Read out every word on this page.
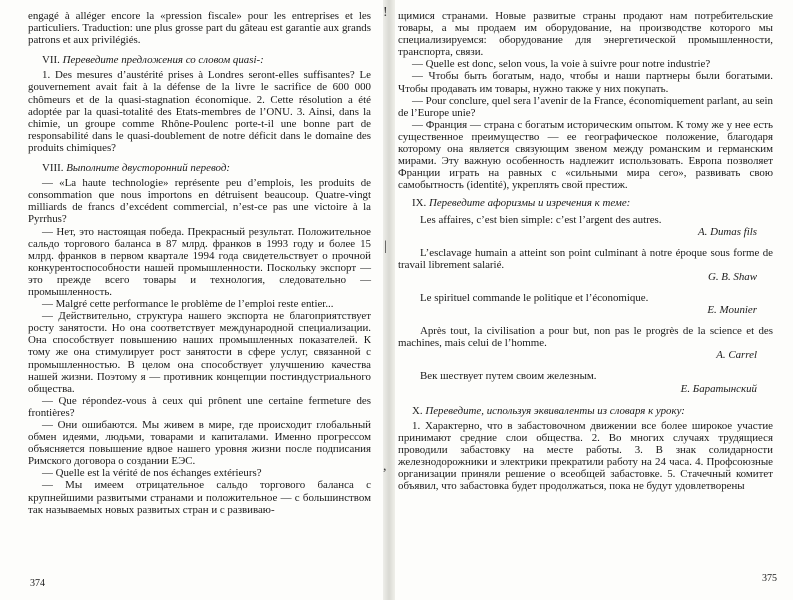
engagé à alléger encore la «pression fiscale» pour les entreprises et les particuliers. Traduction: une plus grosse part du gâteau est garantie aux grands patrons et aux privilégiés.

VII. Переведите предложения со словом quasi-:

1. Des mesures d’austérité prises à Londres seront-elles suffisantes? Le gouvernement avait fait à la défense de la livre le sacrifice de 600 000 chômeurs et de la quasi-stagnation économique. 2. Cette résolution a été adoptée par la quasi-totalité des Etats-membres de l’ONU. 3. Ainsi, dans la chimie, un groupe comme Rhône-Poulenc porte-t-il une bonne part de responsabilité dans le quasi-doublement de notre déficit dans le domaine des produits chimiques?

VIII. Выполните двусторонний перевод:

— «La haute technologie» représente peu d’emplois, les produits de consommation que nous importons en détruisent beaucoup. Quatre-vingt milliards de francs d’excédent commercial, n’est-ce pas une victoire à la Pyrrhus?

— Нет, это настоящая победа. Прекрасный результат. Положительное сальдо торгового баланса в 87 млрд. франков в 1993 году и более 15 млрд. франков в первом квартале 1994 года свидетельствует о прочной конкурентоспособности нашей промышленности. Поскольку экспорт — это прежде всего товары и технология, следовательно — промышленность.

— Malgré cette performance le problème de l’emploi reste entier...

— Действительно, структура нашего экспорта не благоприятствует росту занятости. Но она соответствует международной специализации. Она способствует повышению наших промышленных показателей. К тому же она стимулирует рост занятости в сфере услуг, связанной с промышленностью. В целом она способствует улучшению качества нашей жизни. Поэтому я — противник концепции постиндустриального общества.

— Que répondez-vous à ceux qui prônent une certaine fermeture des frontières?

— Они ошибаются. Мы живем в мире, где происходит глобальный обмен идеями, людьми, товарами и капиталами. Именно прогрессом объясняется повышение вдвое нашего уровня жизни после подписания Римского договора о создании ЕЭС.

— Quelle est la vérité de nos échanges extérieurs?

— Мы имеем отрицательное сальдо торгового баланса с крупнейшими развитыми странами и положительное — с большинством так называемых новых развитых стран и с развиваю-

374
!
|
,

щимися странами. Новые развитые страны продают нам потребительские товары, а мы продаем им оборудование, на производстве которого мы специализируемся: оборудование для энергетической промышленности, транспорта, связи.

— Quelle est donc, selon vous, la voie à suivre pour notre industrie?

— Чтобы быть богатым, надо, чтобы и наши партнеры были богатыми. Чтобы продавать им товары, нужно также у них покупать.

— Pour conclure, quel sera l’avenir de la France, économiquement parlant, au sein de l’Europe unie?

— Франция — страна с богатым историческим опытом. К тому же у нее есть существенное преимущество — ее географическое положение, благодаря которому она является связующим звеном между романским и германским мирами. Эту важную особенность надлежит использовать. Европа позволяет Франции играть на равных с «сильными мира сего», развивать свою самобытность (identité), укреплять свой престиж.

IX. Переведите афоризмы и изречения к теме:

Les affaires, c’est bien simple: c’est l’argent des autres.

A. Dumas fils

L’esclavage humain a atteint son point culminant à notre époque sous forme de travail librement salarié.

G. B. Shaw

Le spirituel commande le politique et l’économique.

E. Mounier

Après tout, la civilisation a pour but, non pas le progrès de la science et des machines, mais celui de l’homme.

A. Carrel

Век шествует путем своим железным.

Е. Баратынский

X. Переведите, используя эквиваленты из словаря к уроку:

1. Характерно, что в забастовочном движении все более широкое участие принимают средние слои общества. 2. Во многих случаях трудящиеся проводили забастовку на месте работы. 3. В знак солидарности железнодорожники и электрики прекратили работу на 24 часа. 4. Профсоюзные организации приняли решение о всеобщей забастовке. 5. Стачечный комитет объявил, что забастовка будет продолжаться, пока не будут удовлетворены

375
